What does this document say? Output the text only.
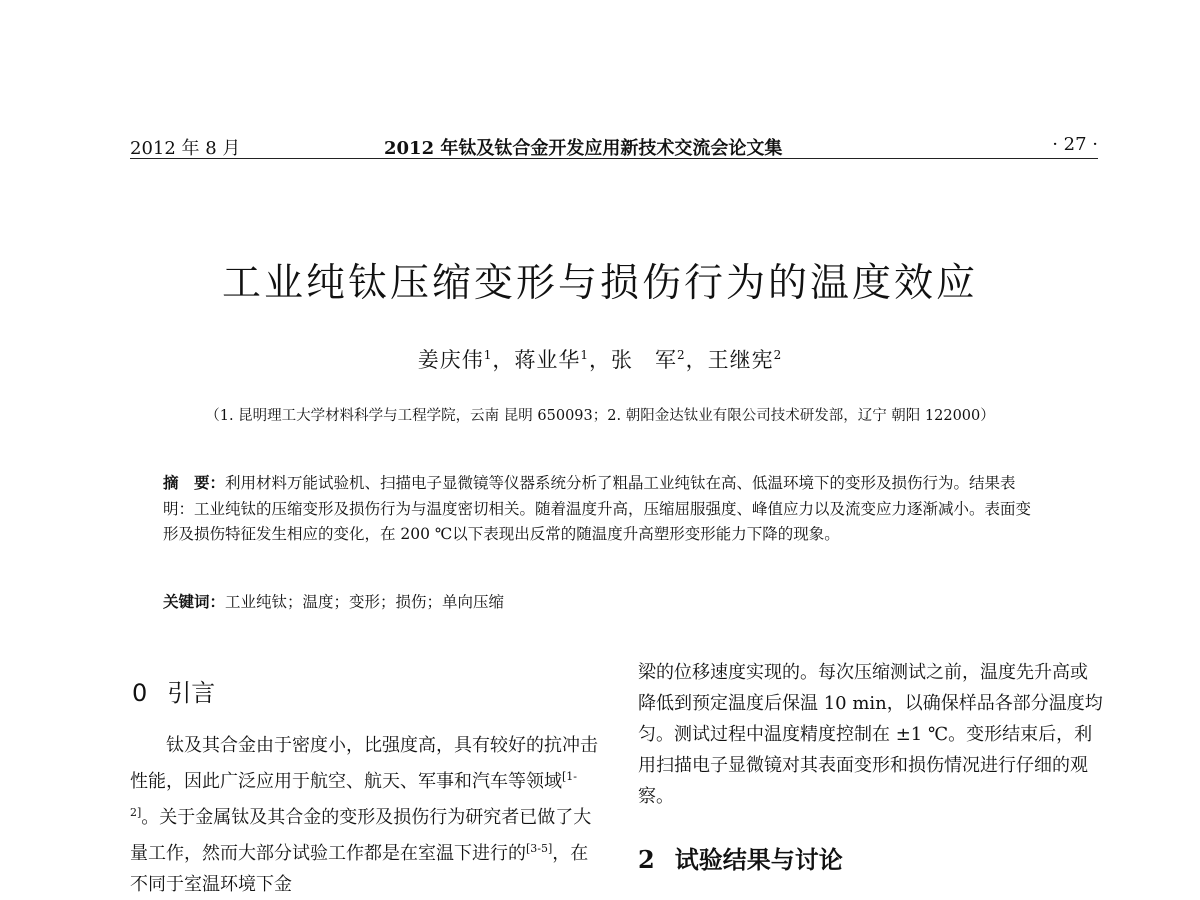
2012 年 8 月	2012 年钛及钛合金开发应用新技术交流会论文集	· 27 ·
工业纯钛压缩变形与损伤行为的温度效应
姜庆伟$^1$，蒋业华$^1$，张　军$^2$，王继宪$^2$
（1. 昆明理工大学材料科学与工程学院，云南 昆明 650093；2. 朝阳金达钛业有限公司技术研发部，辽宁 朝阳 122000）
摘　要：利用材料万能试验机、扫描电子显微镜等仪器系统分析了粗晶工业纯钛在高、低温环境下的变形及损伤行为。结果表明：工业纯钛的压缩变形及损伤行为与温度密切相关。随着温度升高，压缩屈服强度、峰值应力以及流变应力逐渐减小。表面变形及损伤特征发生相应的变化，在 200 ℃以下表现出反常的随温度升高塑形变形能力下降的现象。
关键词：工业纯钛；温度；变形；损伤；单向压缩
0 引言

钛及其合金由于密度小，比强度高，具有较好的抗冲击性能，因此广泛应用于航空、航天、军事和汽车等领域[1-2]。关于金属钛及其合金的变形及损伤行为研究者已做了大量工作，然而大部分试验工作都是在室温下进行的[3-5]，在不同于室温环境下金

梁的位移速度实现的。每次压缩测试之前，温度先升高或降低到预定温度后保温 10 min，以确保样品各部分温度均匀。测试过程中温度精度控制在 ±1 ℃。变形结束后，利用扫描电子显微镜对其表面变形和损伤情况进行仔细的观察。

2 试验结果与讨论
